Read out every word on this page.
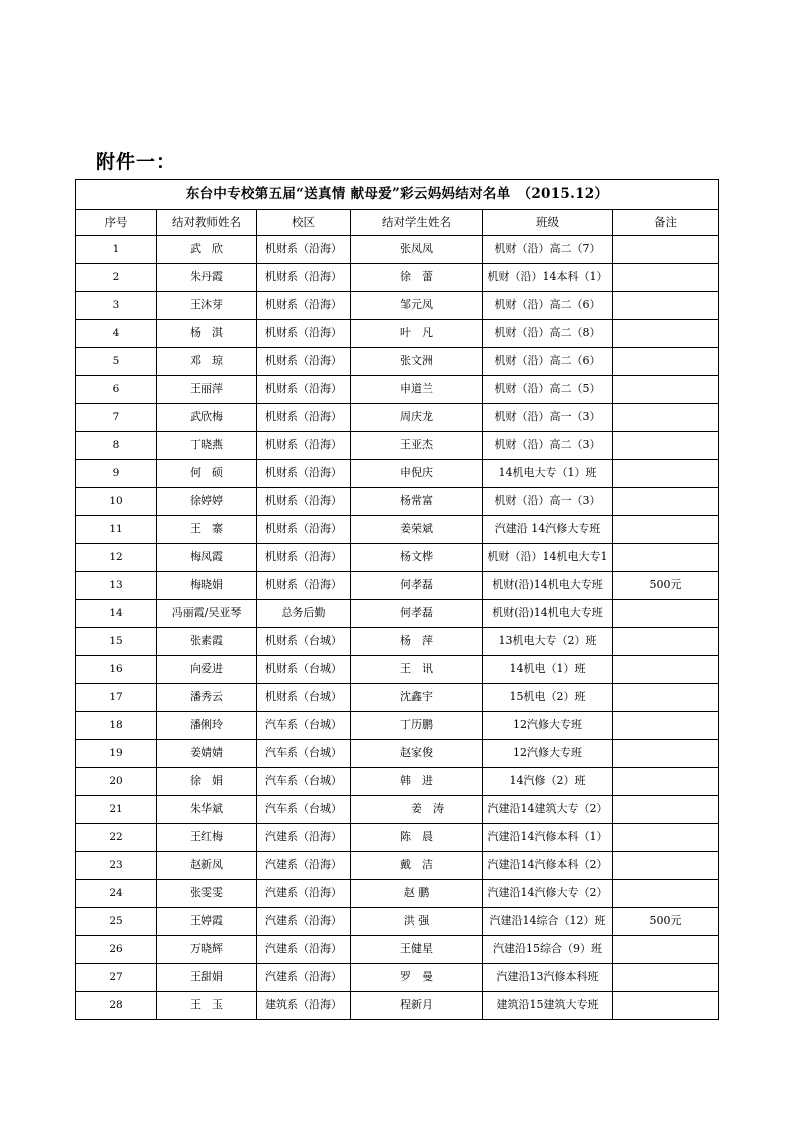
附件一：
东台中专校第五届“送真情 献母爱”彩云妈妈结对名单　（2015.12）					
序号	结对教师姓名	校区	结对学生姓名	班级	备注
1	武　欣	机财系（沿海）	张凤凤	机财（沿）高二（7）	
2	朱丹霞	机财系（沿海）	徐　蕾	机财（沿）14本科（1）	
3	王沐芽	机财系（沿海）	邹元凤	机财（沿）高二（6）	
4	杨　淇	机财系（沿海）	叶　凡	机财（沿）高二（8）	
5	邓　琼	机财系（沿海）	张文洲	机财（沿）高二（6）	
6	王丽萍	机财系（沿海）	申道兰	机财（沿）高二（5）	
7	武欣梅	机财系（沿海）	周庆龙	机财（沿）高一（3）	
8	丁晓燕	机财系（沿海）	王亚杰	机财（沿）高二（3）	
9	何　硕	机财系（沿海）	申倪庆	14机电大专（1）班	
10	徐婷婷	机财系（沿海）	杨常富	机财（沿）高一（3）	
11	王　寨	机财系（沿海）	姜荣斌	汽建沿 14汽修大专班	
12	梅凤霞	机财系（沿海）	杨文桦	机财（沿）14机电大专1	
13	梅晓娟	机财系（沿海）	何孝磊	机财(沿)14机电大专班	500元
14	冯丽霞/吴亚琴	总务后勤	何孝磊	机财(沿)14机电大专班	
15	张素霞	机财系（台城）	杨　萍	13机电大专（2）班	
16	向爱进	机财系（台城）	王　讯	14机电（1）班	
17	潘秀云	机财系（台城）	沈鑫宇	15机电（2）班	
18	潘俐玲	汽车系（台城）	丁历鹏	12汽修大专班	
19	姜婧婧	汽车系（台城）	赵家俊	12汽修大专班	
20	徐　娟	汽车系（台城）	韩　进	14汽修（2）班	
21	朱华斌	汽车系（台城）	　　姜　涛	汽建沿14建筑大专（2）	
22	王红梅	汽建系（沿海）	陈　晨	汽建沿14汽修本科（1）	
23	赵新凤	汽建系（沿海）	戴　洁	汽建沿14汽修本科（2）	
24	张雯雯	汽建系（沿海）	赵 鹏	汽建沿14汽修大专（2）	
25	王婷霞	汽建系（沿海）	洪 强	汽建沿14综合（12）班	500元
26	万晓辉	汽建系（沿海）	王健星	汽建沿15综合（9）班	
27	王甜娟	汽建系（沿海）	罗　曼	汽建沿13汽修本科班	
28	王　玉	建筑系（沿海）	程新月	建筑沿15建筑大专班	
